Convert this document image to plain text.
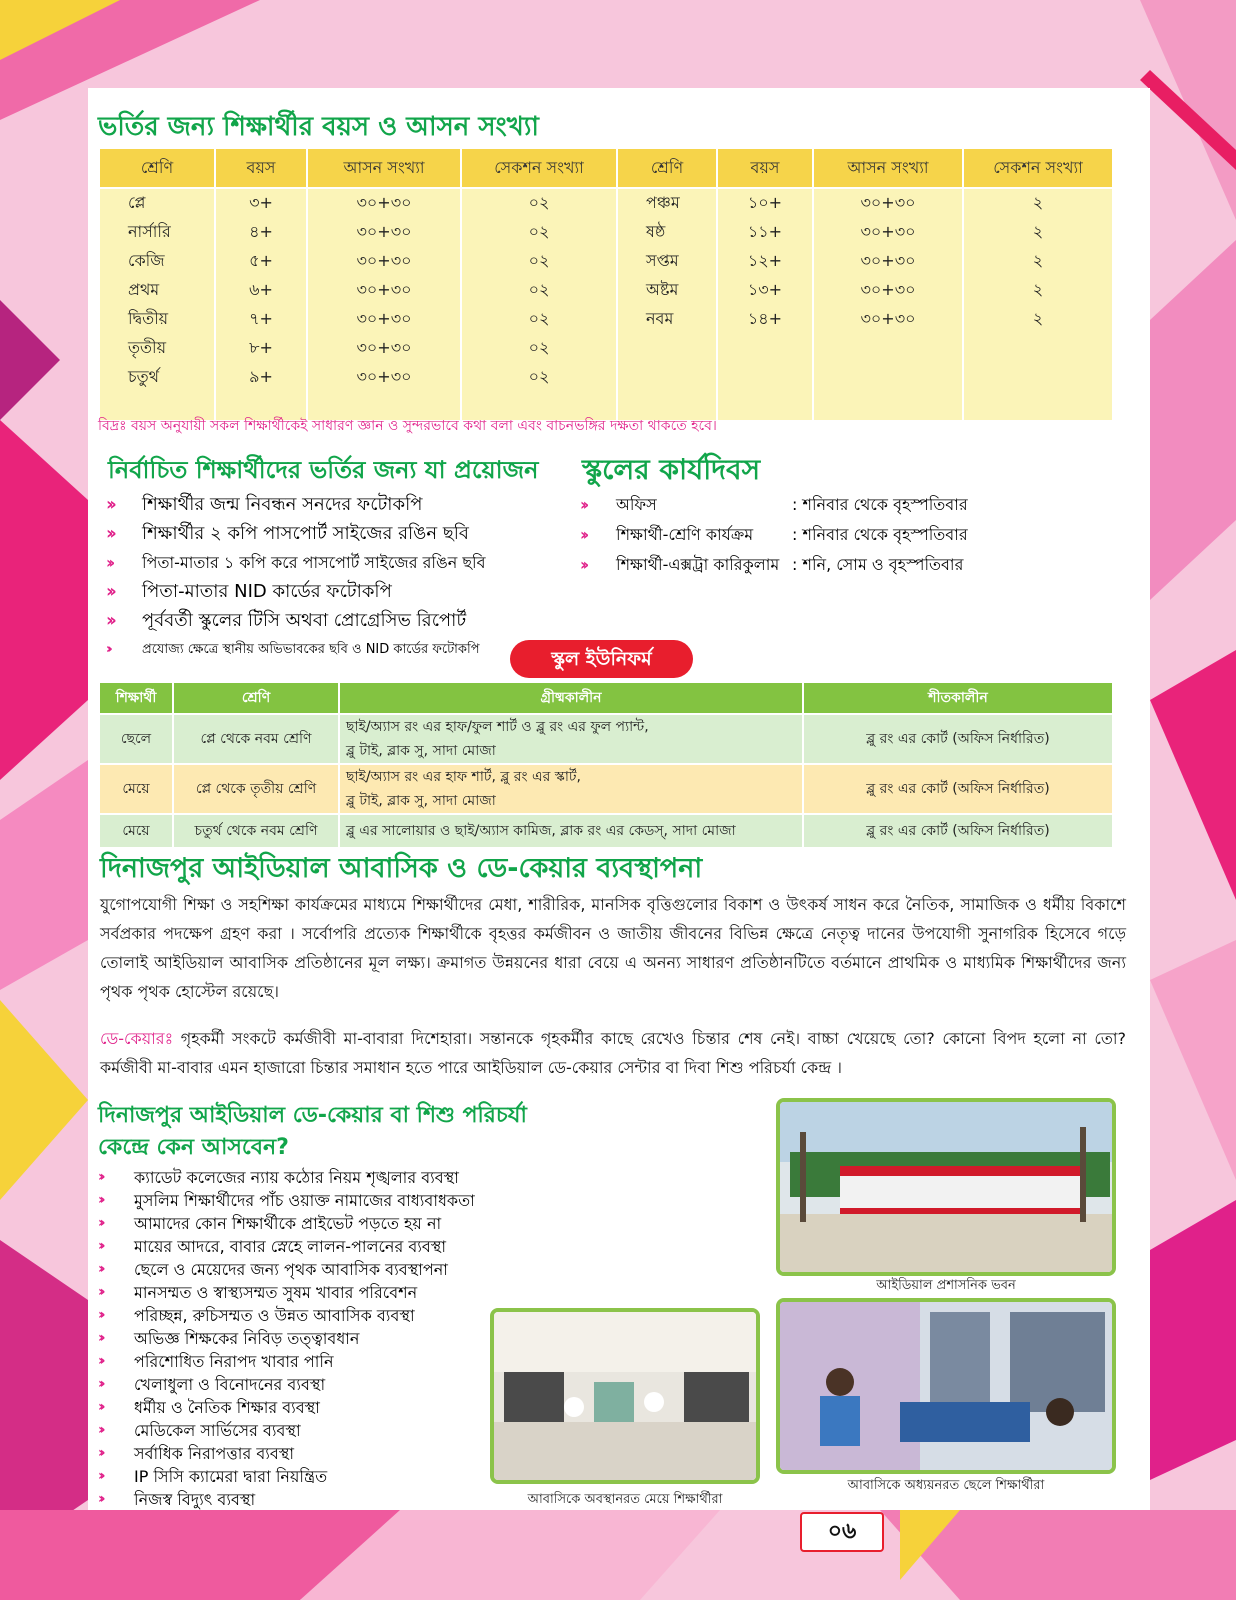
ভর্তির জন্য শিক্ষার্থীর বয়স ও আসন সংখ্যা
শ্রেণি	বয়স	আসন সংখ্যা	সেকশন সংখ্যা	শ্রেণি	বয়স	আসন সংখ্যা	সেকশন সংখ্যা
প্লে	৩+	৩০+৩০	০২	পঞ্চম	১০+	৩০+৩০	২
নার্সারি	৪+	৩০+৩০	০২	ষষ্ঠ	১১+	৩০+৩০	২
কেজি	৫+	৩০+৩০	০২	সপ্তম	১২+	৩০+৩০	২
প্রথম	৬+	৩০+৩০	০২	অষ্টম	১৩+	৩০+৩০	২
দ্বিতীয়	৭+	৩০+৩০	০২	নবম	১৪+	৩০+৩০	২
তৃতীয়	৮+	৩০+৩০	০২				
চতুর্থ	৯+	৩০+৩০	০২				

বিদ্রঃ বয়স অনুযায়ী সকল শিক্ষার্থীকেই সাধারণ জ্ঞান ও সুন্দরভাবে কথা বলা এবং বাচনভঙ্গির দক্ষতা থাকতে হবে।
নির্বাচিত শিক্ষার্থীদের ভর্তির জন্য যা প্রয়োজন
›› শিক্ষার্থীর জন্ম নিবন্ধন সনদের ফটোকপি
›› শিক্ষার্থীর ২ কপি পাসপোর্ট সাইজের রঙিন ছবি
›› পিতা-মাতার ১ কপি করে পাসপোর্ট সাইজের রঙিন ছবি
›› পিতা-মাতার NID কার্ডের ফটোকপি
›› পূর্ববর্তী স্কুলের টিসি অথবা প্রোগ্রেসিভ রিপোর্ট
››	প্রযোজ্য ক্ষেত্রে স্থানীয় অভিভাবকের ছবি ও NID কার্ডের ফটোকপি
স্কুলের কার্যদিবস
›› অফিস	: শনিবার থেকে বৃহস্পতিবার
›› শিক্ষার্থী-শ্রেণি কার্যক্রম : শনিবার থেকে বৃহস্পতিবার
›› শিক্ষার্থী-এক্সট্রা কারিকুলাম : শনি, সোম ও বৃহস্পতিবার
স্কুল ইউনিফর্ম
শিক্ষার্থী	শ্রেণি	গ্রীষ্মকালীন	শীতকালীন
ছেলে	প্লে থেকে নবম শ্রেণি	ছাই/অ্যাস রং এর হাফ/ফুল শার্ট ও ব্লু রং এর ফুল প্যান্ট,
ব্লু টাই, ব্লাক সু, সাদা মোজা	ব্লু রং এর কোর্ট (অফিস নির্ধারিত)
মেয়ে	প্লে থেকে তৃতীয় শ্রেণি	ছাই/অ্যাস রং এর হাফ শার্ট, ব্লু রং এর স্কার্ট,
ব্লু টাই, ব্লাক সু, সাদা মোজা	ব্লু রং এর কোর্ট (অফিস নির্ধারিত)
মেয়ে	চতুর্থ থেকে নবম শ্রেণি	ব্লু এর সালোয়ার ও ছাই/অ্যাস কামিজ, ব্লাক রং এর কেডস্, সাদা মোজা	ব্লু রং এর কোর্ট (অফিস নির্ধারিত)
দিনাজপুর আইডিয়াল আবাসিক ও ডে-কেয়ার ব্যবস্থাপনা
যুগোপযোগী শিক্ষা ও সহশিক্ষা কার্যক্রমের মাধ্যমে শিক্ষার্থীদের মেধা, শারীরিক, মানসিক বৃত্তিগুলোর বিকাশ ও উৎকর্ষ সাধন করে নৈতিক, সামাজিক ও ধর্মীয় বিকাশে সর্বপ্রকার পদক্ষেপ গ্রহণ করা । সর্বোপরি প্রত্যেক শিক্ষার্থীকে বৃহত্তর কর্মজীবন ও জাতীয় জীবনের বিভিন্ন ক্ষেত্রে নেতৃত্ব দানের উপযোগী সুনাগরিক হিসেবে গড়ে তোলাই আইডিয়াল আবাসিক প্রতিষ্ঠানের মূল লক্ষ্য। ক্রমাগত উন্নয়নের ধারা বেয়ে এ অনন্য সাধারণ প্রতিষ্ঠানটিতে বর্তমানে প্রাথমিক ও মাধ্যমিক শিক্ষার্থীদের জন্য পৃথক পৃথক হোস্টেল রয়েছে।
ডে-কেয়ারঃ গৃহকর্মী সংকটে কর্মজীবী মা-বাবারা দিশেহারা। সন্তানকে গৃহকর্মীর কাছে রেখেও চিন্তার শেষ নেই। বাচ্চা খেয়েছে তো? কোনো বিপদ হলো না তো? কর্মজীবী মা-বাবার এমন হাজারো চিন্তার সমাধান হতে পারে আইডিয়াল ডে-কেয়ার সেন্টার বা দিবা শিশু পরিচর্যা কেন্দ্র ।
দিনাজপুর আইডিয়াল ডে-কেয়ার বা শিশু পরিচর্যা
কেন্দ্রে কেন আসবেন?
›› ক্যাডেট কলেজের ন্যায় কঠোর নিয়ম শৃঙ্খলার ব্যবস্থা
›› মুসলিম শিক্ষার্থীদের পাঁচ ওয়াক্ত নামাজের বাধ্যবাধকতা
›› আমাদের কোন শিক্ষার্থীকে প্রাইভেট পড়তে হয় না
›› মায়ের আদরে, বাবার স্নেহে লালন-পালনের ব্যবস্থা
›› ছেলে ও মেয়েদের জন্য পৃথক আবাসিক ব্যবস্থাপনা
›› মানসম্মত ও স্বাস্থ্যসম্মত সুষম খাবার পরিবেশন
›› পরিচ্ছন্ন, রুচিসম্মত ও উন্নত আবাসিক ব্যবস্থা
›› অভিজ্ঞ শিক্ষকের নিবিড় তত্ত্বাবধান
›› পরিশোধিত নিরাপদ খাবার পানি
›› খেলাধুলা ও বিনোদনের ব্যবস্থা
›› ধর্মীয় ও নৈতিক শিক্ষার ব্যবস্থা
›› মেডিকেল সার্ভিসের ব্যবস্থা
›› সর্বাধিক নিরাপত্তার ব্যবস্থা
›› IP সিসি ক্যামেরা দ্বারা নিয়ন্ত্রিত
›› নিজস্ব বিদ্যুৎ ব্যবস্থা
আইডিয়াল প্রশাসনিক ভবন
আবাসিকে অবস্থানরত মেয়ে শিক্ষার্থীরা
আবাসিকে অধ্যয়নরত ছেলে শিক্ষার্থীরা
০৬
